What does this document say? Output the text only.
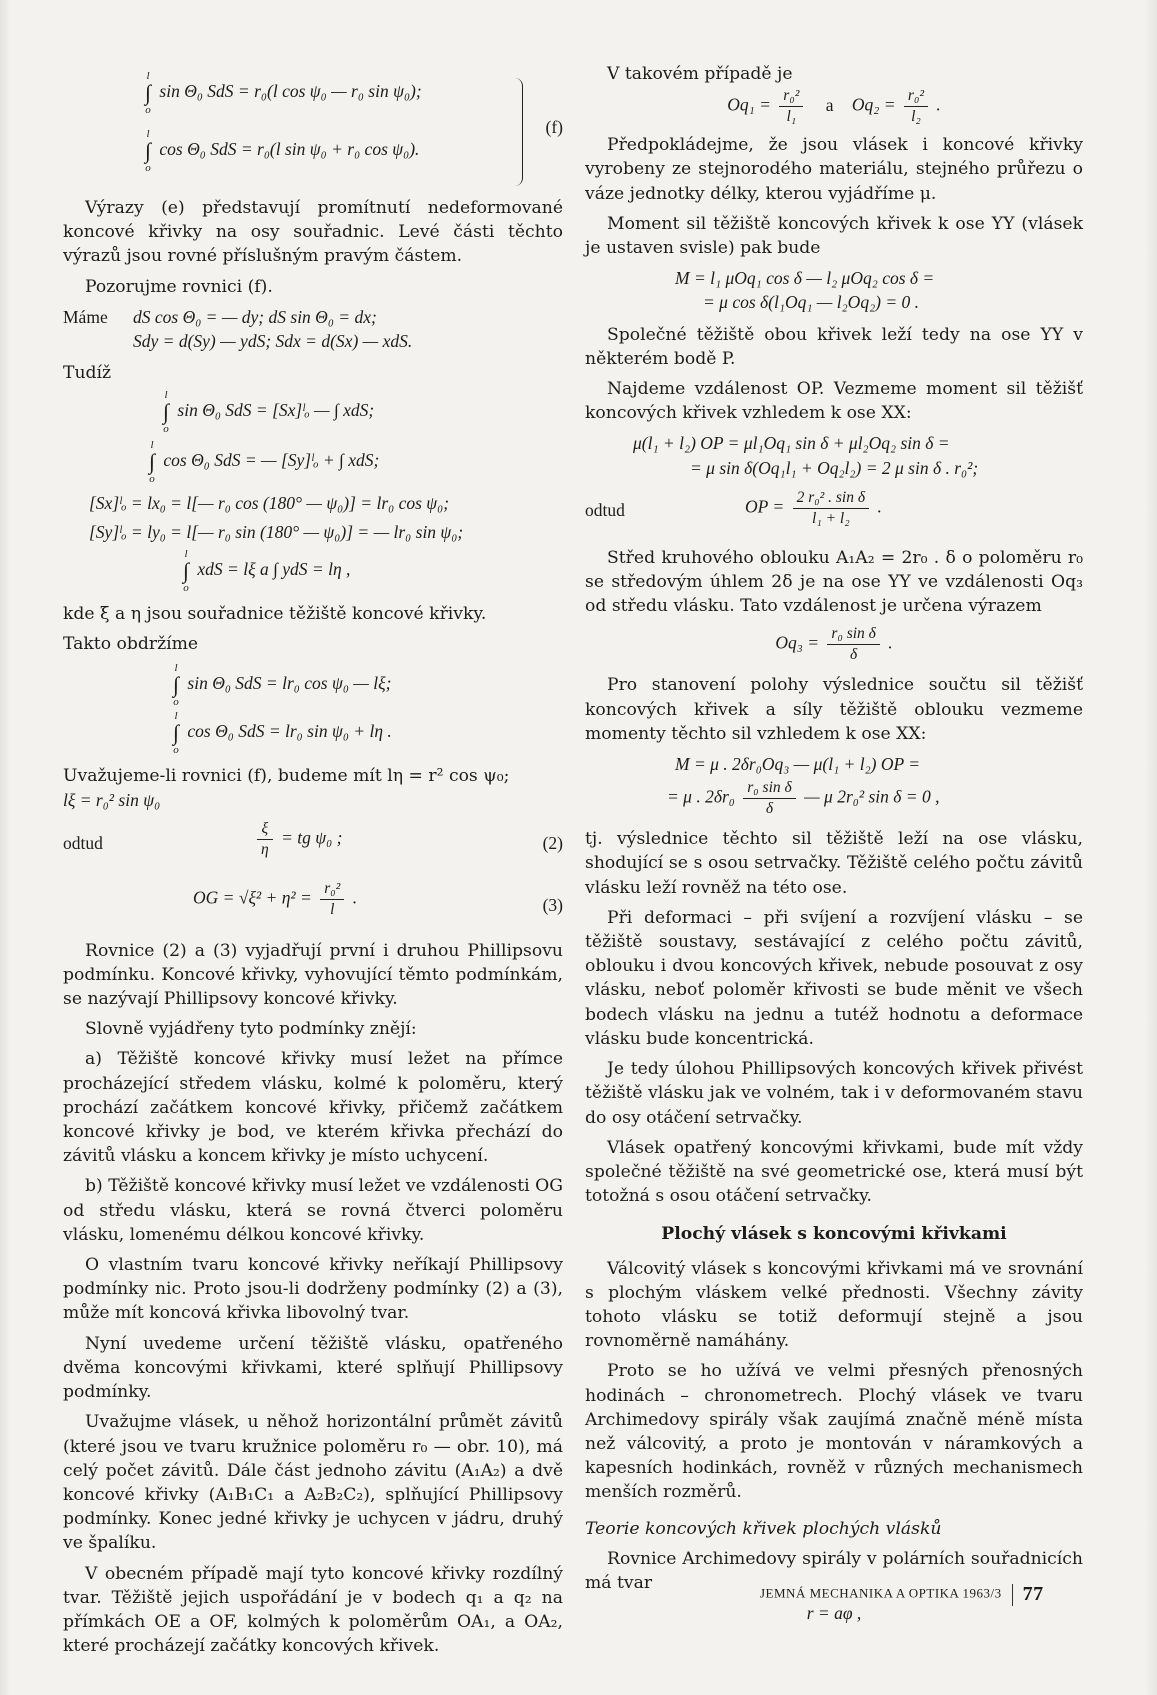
l
∫
o
sin Θ₀ SdS = r₀(l cos ψ₀ — r₀ sin ψ₀);
l
∫
o
cos Θ₀ SdS = r₀(l sin ψ₀ + r₀ cos ψ₀).
(f)

Výrazy (e) představují promítnutí nedeformované koncové křivky na osy souřadnic. Levé části těchto výrazů jsou rovné příslušným pravým částem.

Pozorujme rovnici (f).

Máme dS cos Θ₀ = — dy; dS sin Θ₀ = dx;
Sdy = d(Sy) — ydS; Sdx = d(Sx) — xdS.
Tudíž
l
∫
o
sin Θ₀ SdS = [Sx]ˡₒ — ∫ xdS;
l
∫
o
cos Θ₀ SdS = — [Sy]ˡₒ + ∫ xdS;
[Sx]ˡₒ = lx₀ = l[— r₀ cos (180° — ψ₀)] = lr₀ cos ψ₀;
[Sy]ˡₒ = ly₀ = l[— r₀ sin (180° — ψ₀)] = — lr₀ sin ψ₀;
l
∫
o
xdS = lξ a ∫ ydS = lη ,

kde ξ a η jsou souřadnice těžiště koncové křivky.

Takto obdržíme

l
∫
o
sin Θ₀ SdS = lr₀ cos ψ₀ — lξ;
l
∫
o
cos Θ₀ SdS = lr₀ sin ψ₀ + lη .

Uvažujeme-li rovnici (f), budeme mít lη = r² cos ψ₀;

lξ = r₀² sin ψ₀
odtud	$\frac{\xi}{\eta}$ = tg ψ₀ ;	(2)
OG = $√\xi^2 + \eta^2 = \frac{\text{r₀²}}{l}$ .	(3)

Rovnice (2) a (3) vyjadřují první i druhou Phillipsovu podmínku. Koncové křivky, vyhovující těmto podmínkám, se nazývají Phillipsovy koncové křivky.

Slovně vyjádřeny tyto podmínky znějí:

a) Těžiště koncové křivky musí ležet na přímce procházející středem vlásku, kolmé k poloměru, který prochází začátkem koncové křivky, přičemž začátkem koncové křivky je bod, ve kterém křivka přechází do závitů vlásku a koncem křivky je místo uchycení.

b) Těžiště koncové křivky musí ležet ve vzdálenosti OG od středu vlásku, která se rovná čtverci poloměru vlásku, lomenému délkou koncové křivky.

O vlastním tvaru koncové křivky neříkají Phillipsovy podmínky nic. Proto jsou-li dodrženy podmínky (2) a (3), může mít koncová křivka libovolný tvar.

Nyní uvedeme určení těžiště vlásku, opatřeného dvěma koncovými křivkami, které splňují Phillipsovy podmínky.

Uvažujme vlásek, u něhož horizontální průmět závitů (které jsou ve tvaru kružnice poloměru r₀ — obr. 10), má celý počet závitů. Dále část jednoho závitu (A₁A₂) a dvě koncové křivky (A₁B₁C₁ a A₂B₂C₂), splňující Phillipsovy podmínky. Konec jedné křivky je uchycen v jádru, druhý ve špalíku.

V obecném případě mají tyto koncové křivky rozdílný tvar. Těžiště jejich uspořádání je v bodech q₁ a q₂ na přímkách OE a OF, kolmých k poloměrům OA₁, a OA₂, které procházejí začátky koncových křivek.

V takovém případě je

$Oq_1 = \frac{\text{r₀²}}{\text{l₁}}$ a $Oq_2 = \frac{\text{r₀²}}{\text{l₂}}$ .

Předpokládejme, že jsou vlásek i koncové křivky vyrobeny ze stejnorodého materiálu, stejného průřezu o váze jednotky délky, kterou vyjádříme μ.

Moment sil těžiště koncových křivek k ose YY (vlásek je ustaven svisle) pak bude

M = l₁ μOq₁ cos δ — l₂ μOq₂ cos δ =
= μ cos δ(l₁Oq₁ — l₂Oq₂) = 0 .

Společné těžiště obou křivek leží tedy na ose YY v některém bodě P.

Najdeme vzdálenost OP. Vezmeme moment sil těžišť koncových křivek vzhledem k ose XX:

μ(l₁ + l₂) OP = μl₁Oq₁ sin δ + μl₂Oq₂ sin δ =
= μ sin δ(Oq₁l₁ + Oq₂l₂) = 2 μ sin δ . r₀²;
odtud	OP = $\frac{\text{2 r₀² . sin δ}}{\text{l₁ + l₂}}$ .

Střed kruhového oblouku A₁A₂ = 2r₀ . δ o poloměru r₀ se středovým úhlem 2δ je na ose YY ve vzdálenosti Oq₃ od středu vlásku. Tato vzdálenost je určena výrazem

$Oq_3 = \frac{\text{r₀ sin δ}}{\delta}$ .

Pro stanovení polohy výslednice součtu sil těžišť koncových křivek a síly těžiště oblouku vezmeme momenty těchto sil vzhledem k ose XX:

M = μ . 2δr₀Oq₃ — μ(l₁ + l₂) OP =
= μ . $2\delta r_0 \frac{\text{r₀ sin δ}}{\delta}$ — μ 2r₀² sin δ = 0 ,

tj. výslednice těchto sil těžiště leží na ose vlásku, shodující se s osou setrvačky. Těžiště celého počtu závitů vlásku leží rovněž na této ose.

Při deformaci – při svíjení a rozvíjení vlásku – se těžiště soustavy, sestávající z celého počtu závitů, oblouku i dvou koncových křivek, nebude posouvat z osy vlásku, neboť poloměr křivosti se bude měnit ve všech bodech vlásku na jednu a tutéž hodnotu a deformace vlásku bude koncentrická.

Je tedy úlohou Phillipsových koncových křivek přivést těžiště vlásku jak ve volném, tak i v deformovaném stavu do osy otáčení setrvačky.

Vlásek opatřený koncovými křivkami, bude mít vždy společné těžiště na své geometrické ose, která musí být totožná s osou otáčení setrvačky.

Plochý vlásek s koncovými křivkami

Válcovitý vlásek s koncovými křivkami má ve srovnání s plochým vláskem velké přednosti. Všechny závity tohoto vlásku se totiž deformují stejně a jsou rovnoměrně namáhány.

Proto se ho užívá ve velmi přesných přenosných hodinách – chronometrech. Plochý vlásek ve tvaru Archimedovy spirály však zaujímá značně méně místa než válcovitý, a proto je montován v náramkových a kapesních hodinkách, rovněž v různých mechanismech menších rozměrů.

Teorie koncových křivek plochých vlásků

Rovnice Archimedovy spirály v polárních souřadnicích má tvar

r = aφ ,
JEMNÁ MECHANIKA A OPTIKA 1963/3 77
